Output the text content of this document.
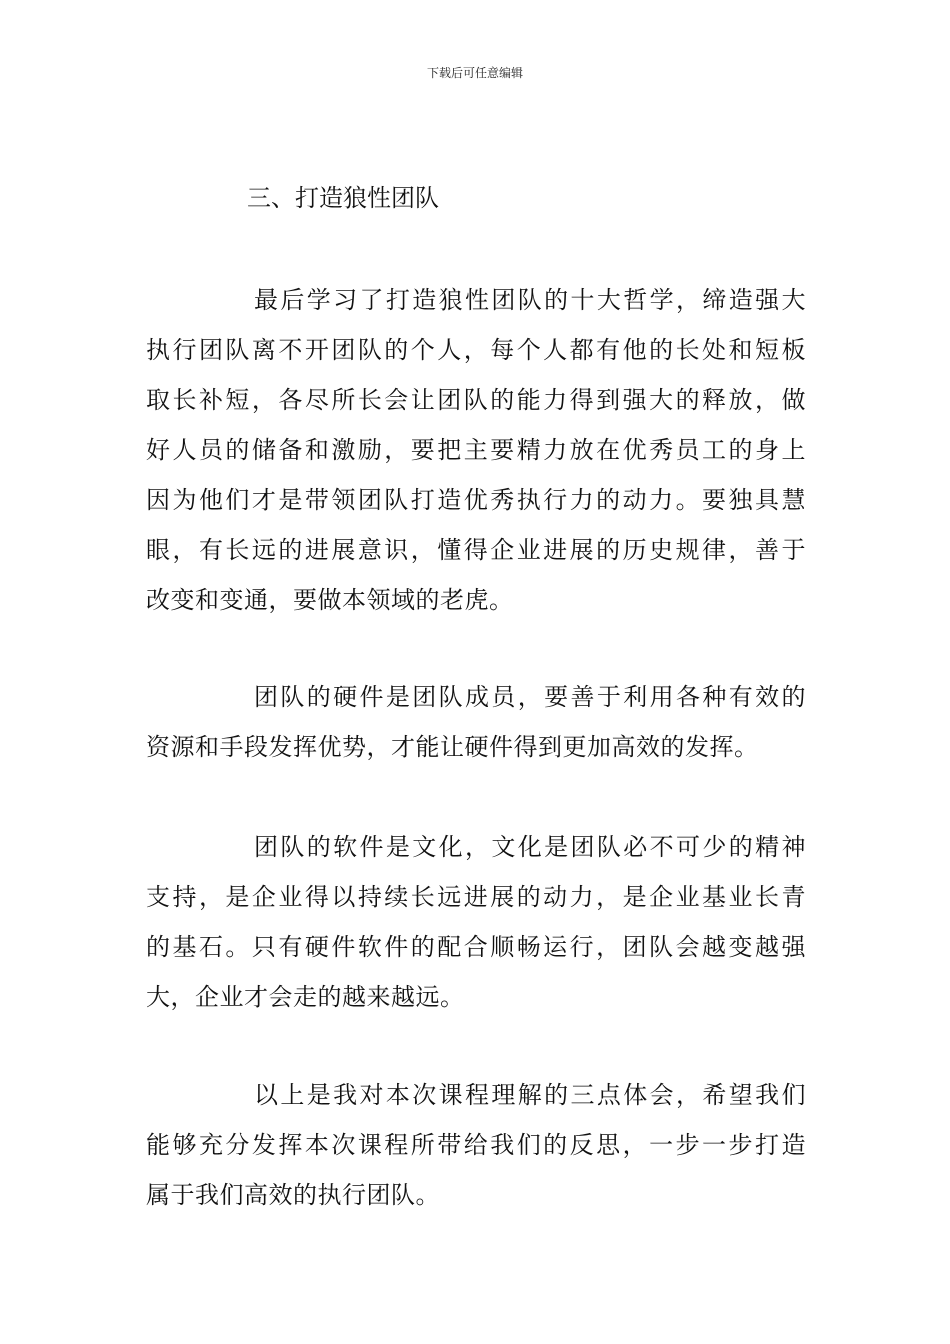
下载后可任意编辑
三、打造狼性团队
最后学习了打造狼性团队的十大哲学，缔造强大
执行团队离不开团队的个人，每个人都有他的长处和短板
取长补短，各尽所长会让团队的能力得到强大的释放，做
好人员的储备和激励，要把主要精力放在优秀员工的身上
因为他们才是带领团队打造优秀执行力的动力。要独具慧
眼，有长远的进展意识，懂得企业进展的历史规律，善于
改变和变通，要做本领域的老虎。
团队的硬件是团队成员，要善于利用各种有效的
资源和手段发挥优势，才能让硬件得到更加高效的发挥。
团队的软件是文化，文化是团队必不可少的精神
支持，是企业得以持续长远进展的动力，是企业基业长青
的基石。只有硬件软件的配合顺畅运行，团队会越变越强
大，企业才会走的越来越远。
以上是我对本次课程理解的三点体会，希望我们
能够充分发挥本次课程所带给我们的反思，一步一步打造
属于我们高效的执行团队。
